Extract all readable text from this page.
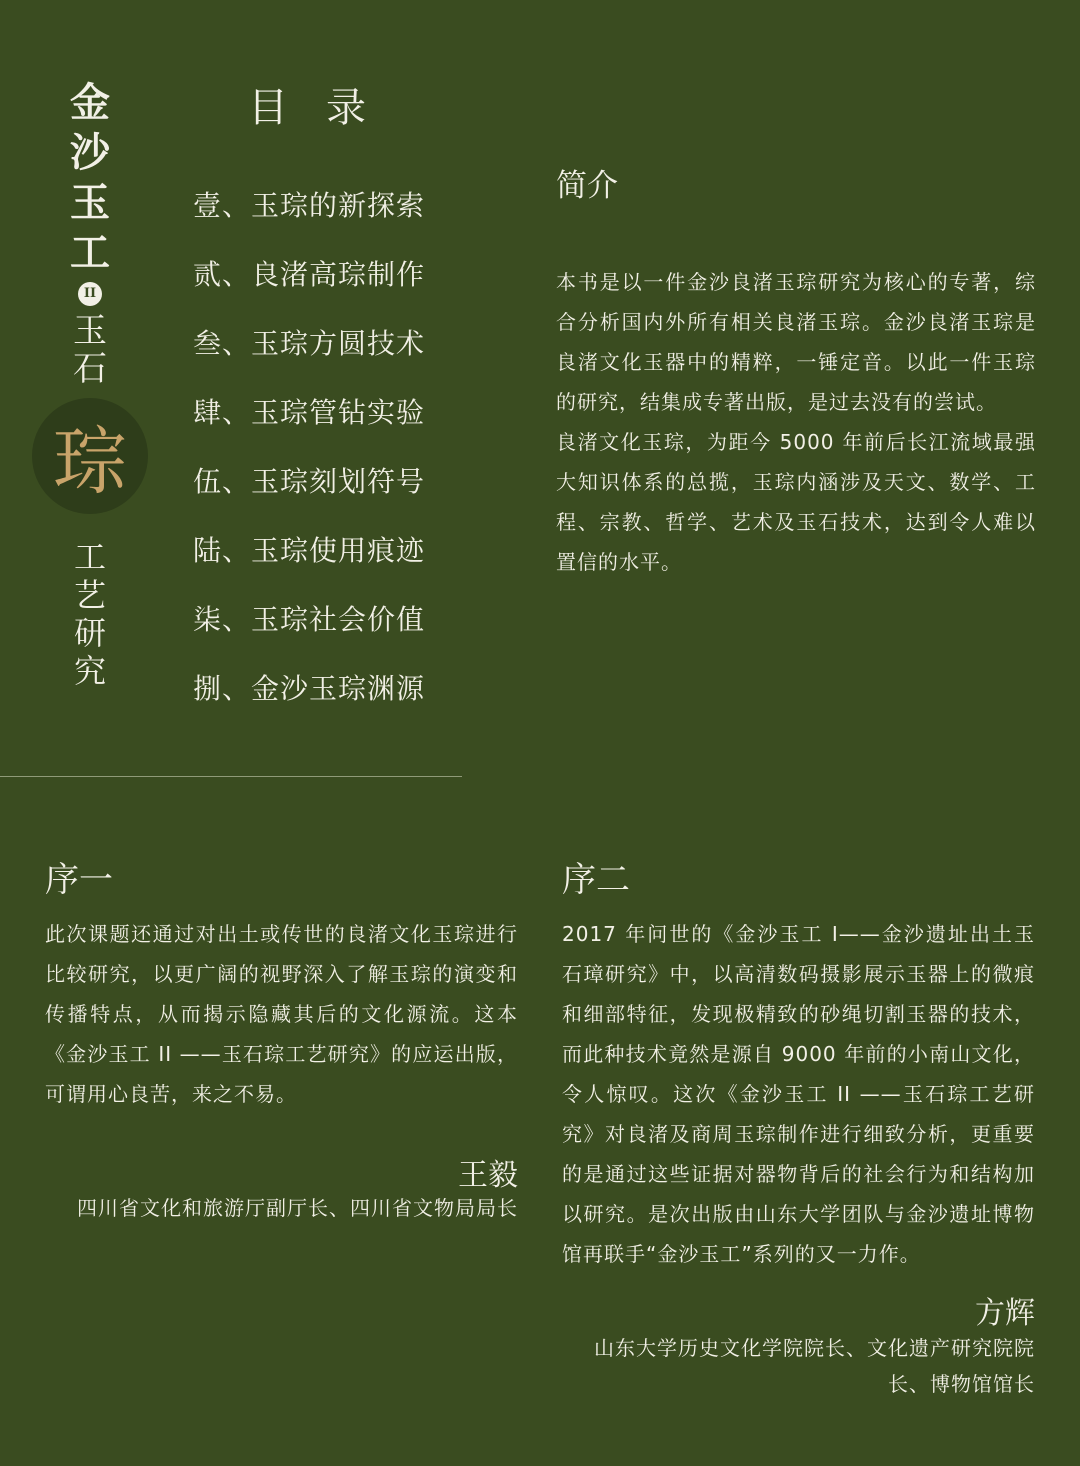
金
沙
玉
工
II
玉
石
琮
工
艺
研
究
目录
壹、玉琮的新探索
贰、良渚高琮制作
叁、玉琮方圆技术
肆、玉琮管钻实验
伍、玉琮刻划符号
陆、玉琮使用痕迹
柒、玉琮社会价值
捌、金沙玉琮渊源
简介
本书是以一件金沙良渚玉琮研究为核心的专著，综合分析国内外所有相关良渚玉琮。金沙良渚玉琮是良渚文化玉器中的精粹，一锤定音。以此一件玉琮的研究，结集成专著出版，是过去没有的尝试。
良渚文化玉琮，为距今 5000 年前后长江流域最强大知识体系的总揽，玉琮内涵涉及天文、数学、工程、宗教、哲学、艺术及玉石技术，达到令人难以置信的水平。
序一
此次课题还通过对出土或传世的良渚文化玉琮进行比较研究，以更广阔的视野深入了解玉琮的演变和传播特点，从而揭示隐藏其后的文化源流。这本《金沙玉工 II ——玉石琮工艺研究》的应运出版，可谓用心良苦，来之不易。
王毅
四川省文化和旅游厅副厅长、四川省文物局局长
序二
2017 年问世的《金沙玉工 I——金沙遗址出土玉石璋研究》中，以高清数码摄影展示玉器上的微痕和细部特征，发现极精致的砂绳切割玉器的技术，而此种技术竟然是源自 9000 年前的小南山文化，令人惊叹。这次《金沙玉工 II ——玉石琮工艺研究》对良渚及商周玉琮制作进行细致分析，更重要的是通过这些证据对器物背后的社会行为和结构加以研究。是次出版由山东大学团队与金沙遗址博物馆再联手“金沙玉工”系列的又一力作。
方辉
山东大学历史文化学院院长、文化遗产研究院院长、博物馆馆长
